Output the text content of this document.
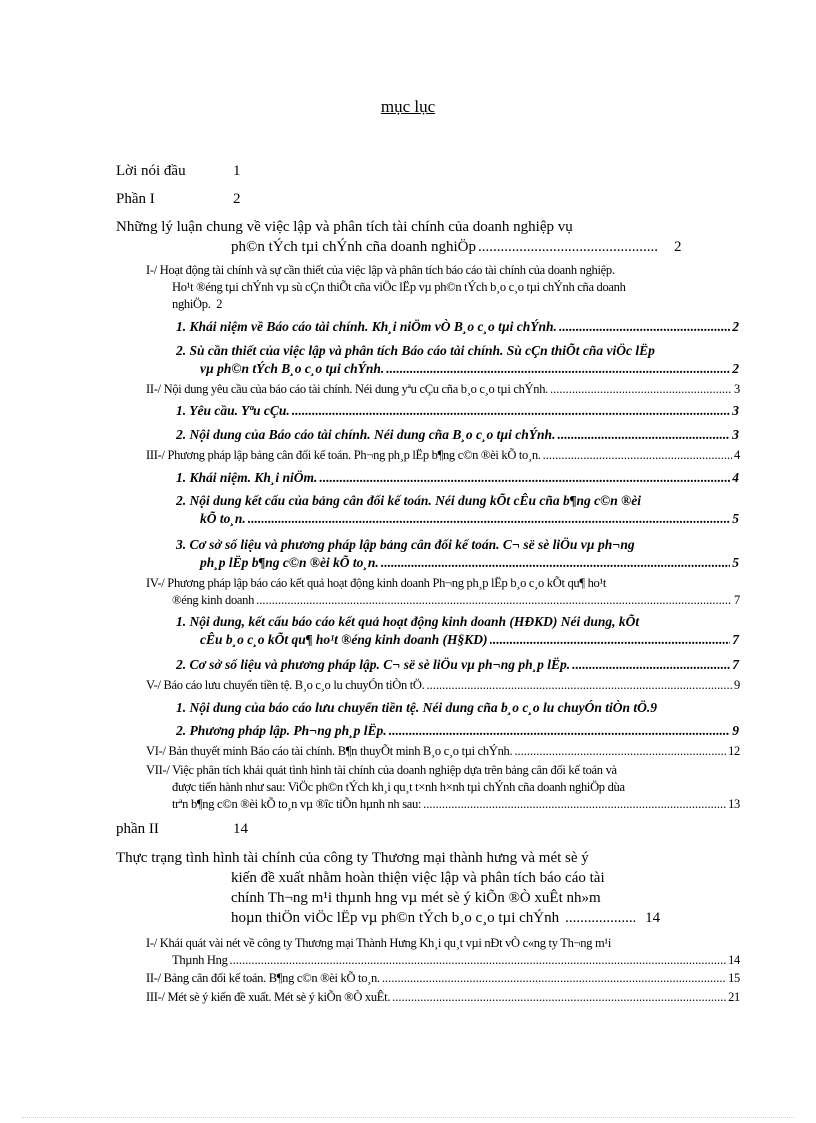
mục lục
Lời nói đầu	1
Phần I	2
Những lý luận chung về việc lập và phân tích tài chính của doanh nghiệp vụ
ph©n tÝch tµi chÝnh cña doanh nghiÖp .....	2
I-/ Hoạt động tài chính và sự cần thiết của việc lập và phân tích báo cáo tài chính của doanh nghiệp.
Ho¹t ®éng tµi chÝnh vµ sù cÇn thiÕt cña viÖc lËp vµ ph©n tÝch b¸o c¸o tµi chÝnh cña doanh
nghiÖp. 2
1. Khái niệm về Báo cáo tài chính. Kh¸i niÖm vÒ B¸o c¸o tµi chÝnh. .....	2
2. Sù cần thiết của việc lập và phân tích Báo cáo tài chính. Sù cÇn thiÕt cña viÖc lËp
vµ ph©n tÝch B¸o c¸o tµi chÝnh. .....	2
II-/ Nội dung yêu cầu của báo cáo tài chính. Néi dung yªu cÇu cña b¸o c¸o tµi chÝnh. .....	3
1. Yêu cầu. Yªu cÇu. .....	3
2. Nội dung của Báo cáo tài chính. Néi dung cña B¸o c¸o tµi chÝnh. .....	3
III-/ Phương pháp lập bảng cân đối kế toán. Ph¬ng ph¸p lËp b¶ng c©n ®èi kÕ to¸n. .....	4
1. Khái niệm. Kh¸i niÖm. .....	4
2. Nội dung kết cấu của bảng cân đối kế toán. Néi dung kÕt cÊu cña b¶ng c©n ®èi
kÕ to¸n. .....	5
3. Cơ sở số liệu và phương pháp lập bảng cân đối kế toán. C¬ së sè liÖu vµ ph¬ng
ph¸p lËp b¶ng c©n ®èi kÕ to¸n. .....	5
IV-/ Phương pháp lập báo cáo kết quả hoạt động kinh doanh Ph¬ng ph¸p lËp b¸o c¸o kÕt qu¶ ho¹t
®éng kinh doanh .....	7
1. Nội dung, kết cấu báo cáo kết quả hoạt động kinh doanh (HĐKD) Néi dung, kÕt
cÊu b¸o c¸o kÕt qu¶ ho¹t ®éng kinh doanh (H§KD) .....	7
2. Cơ sở số liệu và phương pháp lập. C¬ së sè liÖu vµ ph¬ng ph¸p lËp. .....	7
V-/ Báo cáo lưu chuyển tiền tệ. B¸o c¸o lu chuyÓn tiÒn tÖ. .....	9
1. Nội dung của báo cáo lưu chuyển tiền tệ. Néi dung cña b¸o c¸o lu chuyÓn tiÒn tÖ.9
2. Phương pháp lập. Ph¬ng ph¸p lËp. .....	9
VI-/ Bản thuyết minh Báo cáo tài chính. B¶n thuyÕt minh B¸o c¸o tµi chÝnh. .....	12
VII-/ Việc phân tích khái quát tình hình tài chính của doanh nghiệp dựa trên bảng cân đối kế toán và
được tiến hành như sau: ViÖc ph©n tÝch kh¸i qu¸t t×nh h×nh tµi chÝnh cña doanh nghiÖp dùa
trªn b¶ng c©n ®èi kÕ to¸n vµ ®îc tiÕn hµnh nh sau: .....	13
phần II	14
Thực trạng tình hình tài chính của công ty Thương mại thành hưng và mét sè ý
kiến đề xuất nhằm hoàn thiện việc lập và phân tích báo cáo tài
chính Th¬ng m¹i thµnh hng vµ mét sè ý kiÕn ®Ò xuÊt nh»m
hoµn thiÖn viÖc lËp vµ ph©n tÝch b¸o c¸o tµi chÝnh .....	14
I-/ Khái quát vài nét về công ty Thương mại Thành Hưng Kh¸i qu¸t vµi nÐt vÒ c«ng ty Th¬ng m¹i
Thµnh Hng .....	14
II-/ Bảng cân đối kế toán. B¶ng c©n ®èi kÕ to¸n. .....	15
III-/ Mét sè ý kiến đề xuất. Mét sè ý kiÕn ®Ò xuÊt. .....	21
